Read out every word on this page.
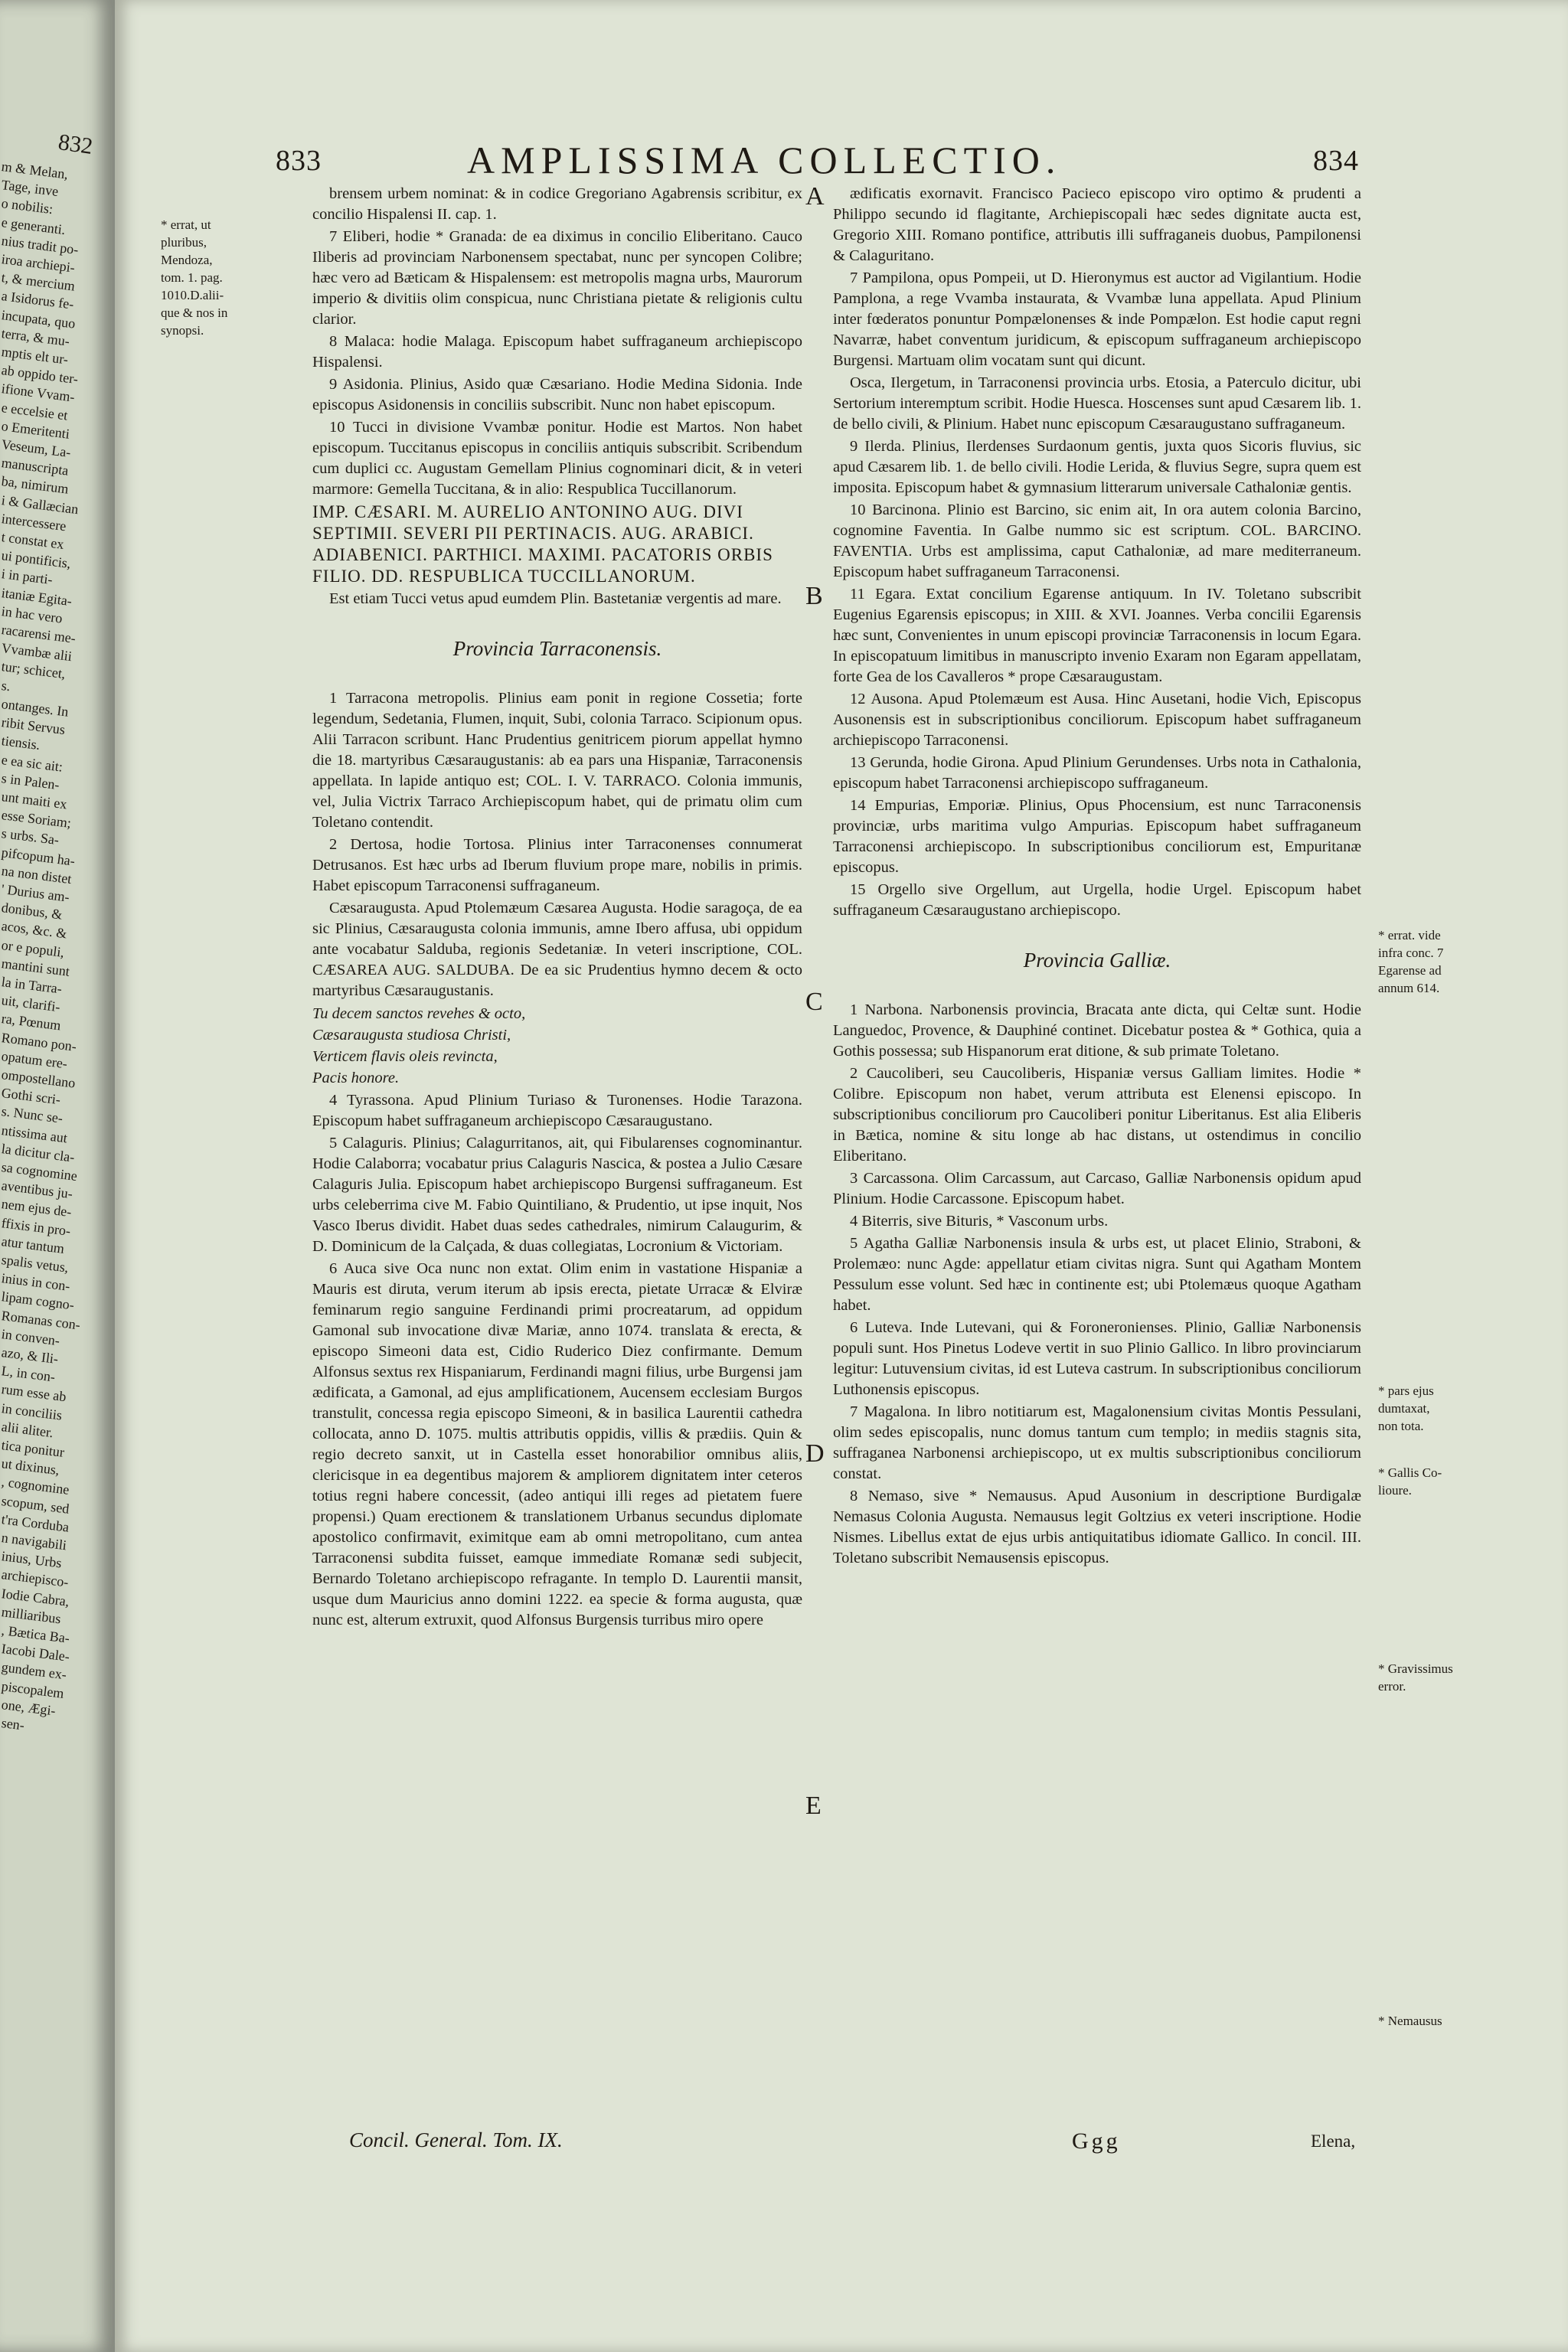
832
m & Melan,
Tage, inve
o nobilis:
e generanti.
nius tradit po-
iroa archiepi-
t, & mercium
a Isidorus fe-
incupata, quo
terra, & mu-
mptis elt ur-
ab oppido ter-
ifione Vvam-
e eccelsie et
o Emeritenti
Veseum, La-
manuscripta
ba, nimirum
i & Gallæcian
intercessere
t constat ex
ui pontificis,
i in parti-
itaniæ Egita-
in hac vero
racarensi me-
Vvambæ alii
tur; schicet,
s.
ontanges. In
ribit Servus
tiensis.
e ea sic ait:
s in Palen-
unt maiti ex
esse Soriam;
s urbs. Sa-
pifcopum ha-
na non distet
' Durius am-
donibus, &
acos, &c. &
or e populi,
mantini sunt
la in Tarra-
uit, clarifi-
ra, Pœnum
Romano pon-
opatum ere-
ompostellano
Gothi scri-
s. Nunc se-
ntissima aut
la dicitur cla-
sa cognomine
aventibus ju-
nem ejus de-
ffixis in pro-
atur tantum
spalis vetus,
inius in con-
lipam cogno-
Romanas con-
in conven-
azo, & Ili-
L, in con-
rum esse ab
in conciliis
alii aliter.
tica ponitur
ut dixinus,
, cognomine
scopum, sed
t'ra Corduba
n navigabili
inius, Urbs
archiepisco-
Iodie Cabra,
milliaribus
, Bætica Ba-
Iacobi Dale-
gundem ex-
piscopalem
one, Ægi-
sen-
833	AMPLISSIMA COLLECTIO.	834
* errat, ut
pluribus,
Mendoza,
tom. 1. pag.
1010.D.alii-
que & nos in
synopsi.

brensem urbem nominat: & in codice Gregoriano Agabrensis scribitur, ex concilio Hispalensi II. cap. 1.

7 Eliberi, hodie * Granada: de ea diximus in concilio Eliberitano. Cauco Iliberis ad provinciam Narbonensem spectabat, nunc per syncopen Colibre; hæc vero ad Bæticam & Hispalensem: est metropolis magna urbs, Maurorum imperio & divitiis olim conspicua, nunc Christiana pietate & religionis cultu clarior.

8 Malaca: hodie Malaga. Episcopum habet suffraganeum archiepiscopo Hispalensi.

9 Asidonia. Plinius, Asido quæ Cæsariano. Hodie Medina Sidonia. Inde episcopus Asidonensis in conciliis subscribit. Nunc non habet episcopum.

10 Tucci in divisione Vvambæ ponitur. Hodie est Martos. Non habet episcopum. Tuccitanus episcopus in conciliis antiquis subscribit. Scribendum cum duplici cc. Augustam Gemellam Plinius cognominari dicit, & in veteri marmore: Gemella Tuccitana, & in alio: Respublica Tuccillanorum.

IMP. CÆSARI. M. AURELIO ANTONINO AUG. DIVI SEPTIMII. SEVERI PII PERTINACIS. AUG. ARABICI. ADIABENICI. PARTHICI. MAXIMI. PACATORIS ORBIS FILIO. DD. RESPUBLICA TUCCILLANORUM.

Est etiam Tucci vetus apud eumdem Plin. Bastetaniæ vergentis ad mare.

Provincia Tarraconensis.

1 Tarracona metropolis. Plinius eam ponit in regione Cossetia; forte legendum, Sedetania, Flumen, inquit, Subi, colonia Tarraco. Scipionum opus. Alii Tarracon scribunt. Hanc Prudentius genitricem piorum appellat hymno die 18. martyribus Cæsaraugustanis: ab ea pars una Hispaniæ, Tarraconensis appellata. In lapide antiquo est; COL. I. V. TARRACO. Colonia immunis, vel, Julia Victrix Tarraco Archiepiscopum habet, qui de primatu olim cum Toletano contendit.

2 Dertosa, hodie Tortosa. Plinius inter Tarraconenses connumerat Detrusanos. Est hæc urbs ad Iberum fluvium prope mare, nobilis in primis. Habet episcopum Tarraconensi suffraganeum.

Cæsaraugusta. Apud Ptolemæum Cæsarea Augusta. Hodie saragoça, de ea sic Plinius, Cæsaraugusta colonia immunis, amne Ibero affusa, ubi oppidum ante vocabatur Salduba, regionis Sedetaniæ. In veteri inscriptione, COL. CÆSAREA AUG. SALDUBA. De ea sic Prudentius hymno decem & octo martyribus Cæsaraugustanis.

Tu decem sanctos revehes & octo,
Cæsaraugusta studiosa Christi,
Verticem flavis oleis revincta,
Pacis honore.

4 Tyrassona. Apud Plinium Turiaso & Turonenses. Hodie Tarazona. Episcopum habet suffraganeum archiepiscopo Cæsaraugustano.

5 Calaguris. Plinius; Calagurritanos, ait, qui Fibularenses cognominantur. Hodie Calaborra; vocabatur prius Calaguris Nascica, & postea a Julio Cæsare Calaguris Julia. Episcopum habet archiepiscopo Burgensi suffraganeum. Est urbs celeberrima cive M. Fabio Quintiliano, & Prudentio, ut ipse inquit, Nos Vasco Iberus dividit. Habet duas sedes cathedrales, nimirum Calaugurim, & D. Dominicum de la Calçada, & duas collegiatas, Locronium & Victoriam.

6 Auca sive Oca nunc non extat. Olim enim in vastatione Hispaniæ a Mauris est diruta, verum iterum ab ipsis erecta, pietate Urracæ & Elviræ feminarum regio sanguine Ferdinandi primi procreatarum, ad oppidum Gamonal sub invocatione divæ Mariæ, anno 1074. translata & erecta, & episcopo Simeoni data est, Cidio Ruderico Diez confirmante. Demum Alfonsus sextus rex Hispaniarum, Ferdinandi magni filius, urbe Burgensi jam ædificata, a Gamonal, ad ejus amplificationem, Aucensem ecclesiam Burgos transtulit, concessa regia episcopo Simeoni, & in basilica Laurentii cathedra collocata, anno D. 1075. multis attributis oppidis, villis & prædiis. Quin & regio decreto sanxit, ut in Castella esset honorabilior omnibus aliis, clericisque in ea degentibus majorem & ampliorem dignitatem inter ceteros totius regni habere concessit, (adeo antiqui illi reges ad pietatem fuere propensi.) Quam erectionem & translationem Urbanus secundus diplomate apostolico confirmavit, eximitque eam ab omni metropolitano, cum antea Tarraconensi subdita fuisset, eamque immediate Romanæ sedi subjecit, Bernardo Toletano archiepiscopo refragante. In templo D. Laurentii mansit, usque dum Mauricius anno domini 1222. ea specie & forma augusta, quæ nunc est, alterum extruxit, quod Alfonsus Burgensis turribus miro opere

ædificatis exornavit. Francisco Pacieco episcopo viro optimo & prudenti a Philippo secundo id flagitante, Archiepiscopali hæc sedes dignitate aucta est, Gregorio XIII. Romano pontifice, attributis illi suffraganeis duobus, Pampilonensi & Calaguritano.

7 Pampilona, opus Pompeii, ut D. Hieronymus est auctor ad Vigilantium. Hodie Pamplona, a rege Vvamba instaurata, & Vvambæ luna appellata. Apud Plinium inter fœderatos ponuntur Pompælonenses & inde Pompælon. Est hodie caput regni Navarræ, habet conventum juridicum, & episcopum suffraganeum archiepiscopo Burgensi. Martuam olim vocatam sunt qui dicunt.

Osca, Ilergetum, in Tarraconensi provincia urbs. Etosia, a Paterculo dicitur, ubi Sertorium interemptum scribit. Hodie Huesca. Hoscenses sunt apud Cæsarem lib. 1. de bello civili, & Plinium. Habet nunc episcopum Cæsaraugustano suffraganeum.

9 Ilerda. Plinius, Ilerdenses Surdaonum gentis, juxta quos Sicoris fluvius, sic apud Cæsarem lib. 1. de bello civili. Hodie Lerida, & fluvius Segre, supra quem est imposita. Episcopum habet & gymnasium litterarum universale Cathaloniæ gentis.

10 Barcinona. Plinio est Barcino, sic enim ait, In ora autem colonia Barcino, cognomine Faventia. In Galbe nummo sic est scriptum. COL. BARCINO. FAVENTIA. Urbs est amplissima, caput Cathaloniæ, ad mare mediterraneum. Episcopum habet suffraganeum Tarraconensi.

11 Egara. Extat concilium Egarense antiquum. In IV. Toletano subscribit Eugenius Egarensis episcopus; in XIII. & XVI. Joannes. Verba concilii Egarensis hæc sunt, Convenientes in unum episcopi provinciæ Tarraconensis in locum Egara. In episcopatuum limitibus in manuscripto invenio Exaram non Egaram appellatam, forte Gea de los Cavalleros * prope Cæsaraugustam.

12 Ausona. Apud Ptolemæum est Ausa. Hinc Ausetani, hodie Vich, Episcopus Ausonensis est in subscriptionibus conciliorum. Episcopum habet suffraganeum archiepiscopo Tarraconensi.

13 Gerunda, hodie Girona. Apud Plinium Gerundenses. Urbs nota in Cathalonia, episcopum habet Tarraconensi archiepiscopo suffraganeum.

14 Empurias, Emporiæ. Plinius, Opus Phocensium, est nunc Tarraconensis provinciæ, urbs maritima vulgo Ampurias. Episcopum habet suffraganeum Tarraconensi archiepiscopo. In subscriptionibus conciliorum est, Empuritanæ episcopus.

15 Orgello sive Orgellum, aut Urgella, hodie Urgel. Episcopum habet suffraganeum Cæsaraugustano archiepiscopo.

Provincia Galliæ.

1 Narbona. Narbonensis provincia, Bracata ante dicta, qui Celtæ sunt. Hodie Languedoc, Provence, & Dauphiné continet. Dicebatur postea & * Gothica, quia a Gothis possessa; sub Hispanorum erat ditione, & sub primate Toletano.

2 Caucoliberi, seu Caucoliberis, Hispaniæ versus Galliam limites. Hodie * Colibre. Episcopum non habet, verum attributa est Elenensi episcopo. In subscriptionibus conciliorum pro Caucoliberi ponitur Liberitanus. Est alia Eliberis in Bætica, nomine & situ longe ab hac distans, ut ostendimus in concilio Eliberitano.

3 Carcassona. Olim Carcassum, aut Carcaso, Galliæ Narbonensis opidum apud Plinium. Hodie Carcassone. Episcopum habet.

4 Biterris, sive Bituris, * Vasconum urbs.

5 Agatha Galliæ Narbonensis insula & urbs est, ut placet Elinio, Straboni, & Prolemæo: nunc Agde: appellatur etiam civitas nigra. Sunt qui Agatham Montem Pessulum esse volunt. Sed hæc in continente est; ubi Ptolemæus quoque Agatham habet.

6 Luteva. Inde Lutevani, qui & Foroneronienses. Plinio, Galliæ Narbonensis populi sunt. Hos Pinetus Lodeve vertit in suo Plinio Gallico. In libro provinciarum legitur: Lutuvensium civitas, id est Luteva castrum. In subscriptionibus conciliorum Luthonensis episcopus.

7 Magalona. In libro notitiarum est, Magalonensium civitas Montis Pessulani, olim sedes episcopalis, nunc domus tantum cum templo; in mediis stagnis sita, suffraganea Narbonensi archiepiscopo, ut ex multis subscriptionibus conciliorum constat.

8 Nemaso, sive * Nemausus. Apud Ausonium in descriptione Burdigalæ Nemasus Colonia Augusta. Nemausus legit Goltzius ex veteri inscriptione. Hodie Nismes. Libellus extat de ejus urbis antiquitatibus idiomate Gallico. In concil. III. Toletano subscribit Nemausensis episcopus.

A
B
C
D
E
* errat. vide
infra conc. 7
Egarense ad
annum 614.
* pars ejus
dumtaxat,
non tota.
* Gallis Co-
lioure.
* Gravissimus
error.
* Nemausus
Concil. General. Tom. IX.	Ggg	Elena,
